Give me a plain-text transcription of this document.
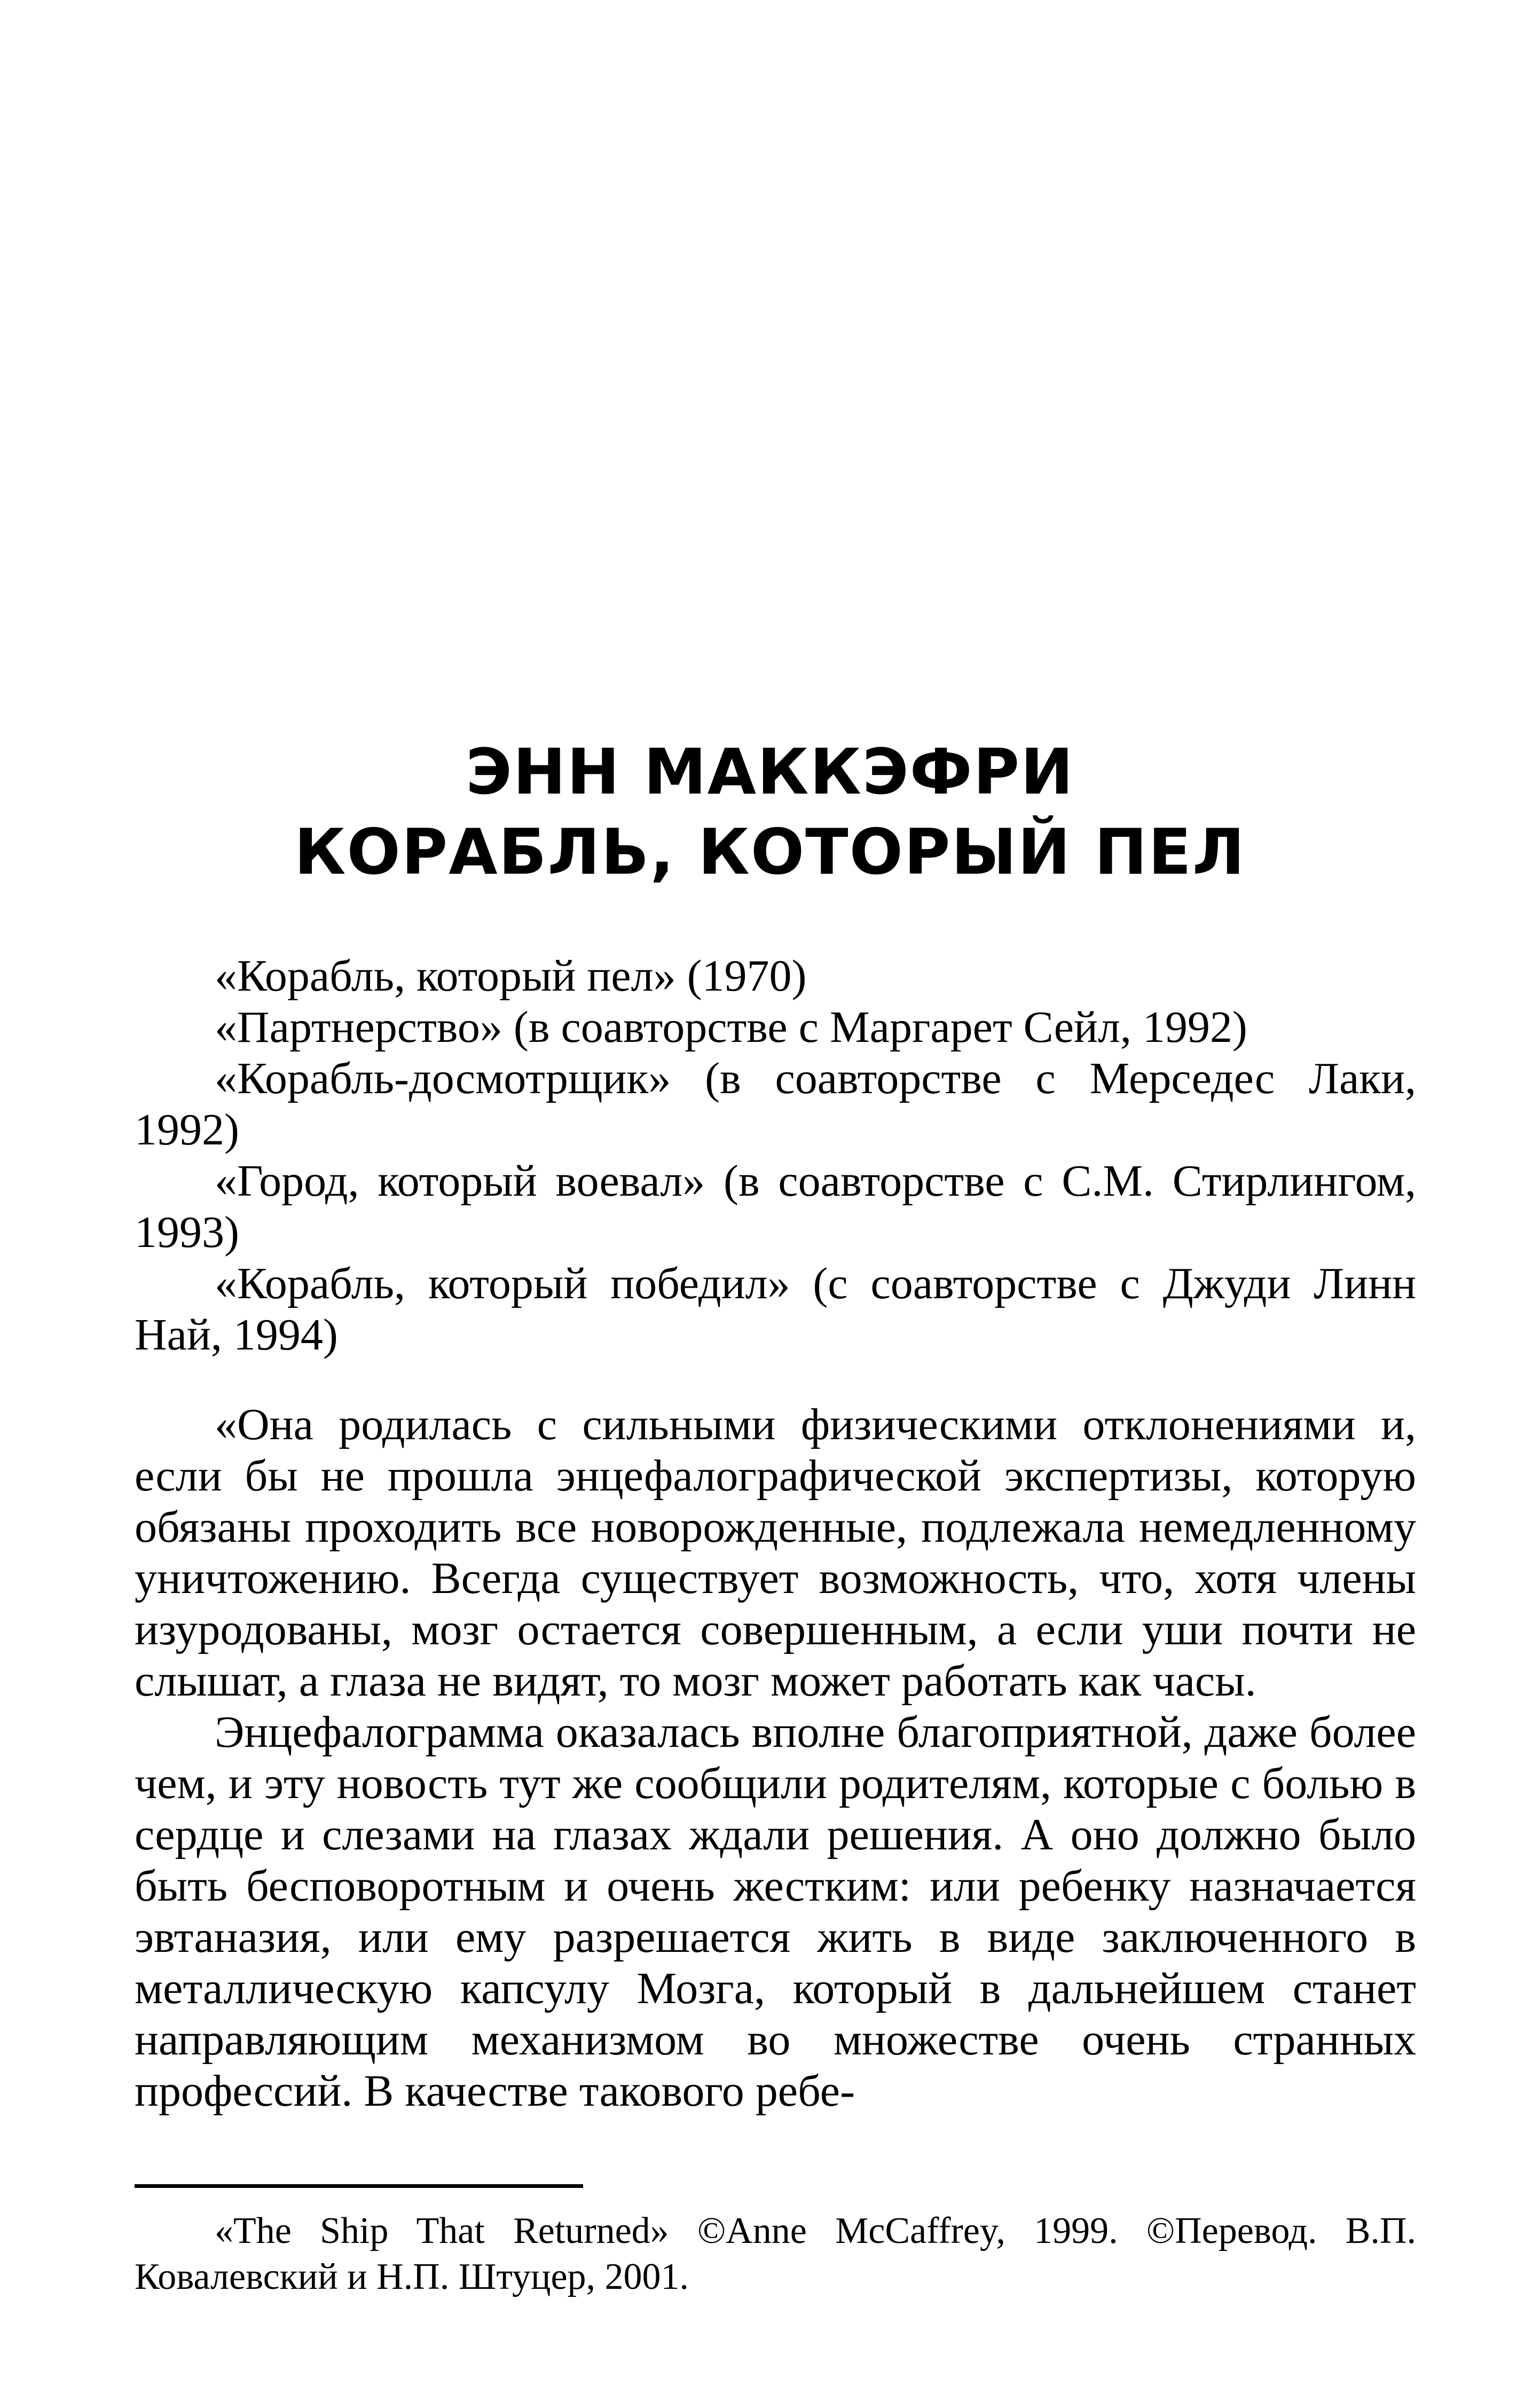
ЭНН МАККЭФРИ
КОРАБЛЬ, КОТОРЫЙ ПЕЛ

«Корабль, который пел» (1970)

«Партнерство» (в соавторстве с Маргарет Сейл, 1992)

«Корабль-досмотрщик» (в соавторстве с Мерседес Лаки, 1992)

«Город, который воевал» (в соавторстве с С.М. Стирлингом, 1993)

«Корабль, который победил» (с соавторстве с Джуди Линн Най, 1994)

«Она родилась с сильными физическими отклонениями и, если бы не прошла энцефалографической экспертизы, которую обязаны проходить все новорожденные, подлежала немедленному уничтожению. Всегда существует возможность, что, хотя члены изуродованы, мозг остается совершенным, а если уши почти не слышат, а глаза не видят, то мозг может работать как часы.

Энцефалограмма оказалась вполне благоприятной, даже более чем, и эту новость тут же сообщили родителям, которые с болью в сердце и слезами на глазах ждали решения. А оно должно было быть бесповоротным и очень жестким: или ребенку назначается эвтаназия, или ему разрешается жить в виде заключенного в металлическую капсулу Мозга, который в дальнейшем станет направляющим механизмом во множестве очень странных профессий. В качестве такового ребе-

«The Ship That Returned» ©Anne McCaffrey, 1999. ©Перевод. В.П. Ковалевский и Н.П. Штуцер, 2001.
